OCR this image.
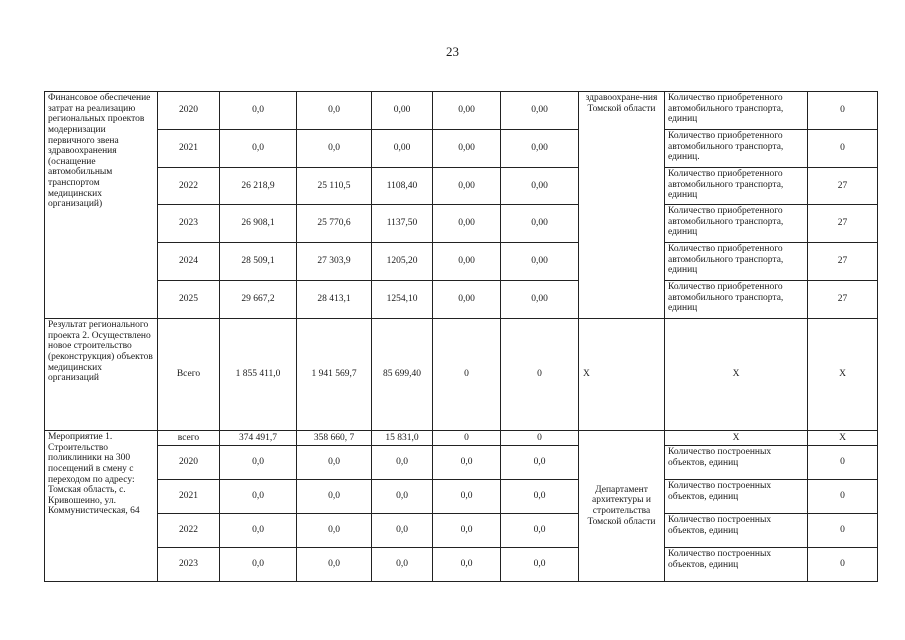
23
Финансовое обеспечение затрат на реализацию региональных проектов модернизации первичного звена здравоохранения (оснащение автомобильным транспортом медицинских организаций)	2020	0,0	0,0	0,00	0,00	0,00	здравоохране-ния Томской области	Количество приобретенного автомобильного транспорта, единиц	0
	2021	0,0	0,0	0,00	0,00	0,00		Количество приобретенного автомобильного транспорта, единиц.	0
	2022	26 218,9	25 110,5	1108,40	0,00	0,00		Количество приобретенного автомобильного транспорта, единиц	27
	2023	26 908,1	25 770,6	1137,50	0,00	0,00		Количество приобретенного автомобильного транспорта, единиц	27
	2024	28 509,1	27 303,9	1205,20	0,00	0,00		Количество приобретенного автомобильного транспорта, единиц	27
	2025	29 667,2	28 413,1	1254,10	0,00	0,00		Количество приобретенного автомобильного транспорта, единиц	27
Результат регионального проекта 2. Осуществлено новое строительство (реконструкция) объектов медицинских организаций	Всего	1 855 411,0	1 941 569,7	85 699,40	0	0	X	X	X
Мероприятие 1. Строительство поликлиники на 300 посещений в смену с переходом по адресу: Томская область, с. Кривошеино, ул. Коммунистическая, 64	всего	374 491,7	358 660, 7	15 831,0	0	0	Департамент архитектуры и строительства Томской области	X	X
	2020	0,0	0,0	0,0	0,0	0,0		Количество построенных объектов, единиц	0
	2021	0,0	0,0	0,0	0,0	0,0		Количество построенных объектов, единиц	0
	2022	0,0	0,0	0,0	0,0	0,0		Количество построенных объектов, единиц	0
	2023	0,0	0,0	0,0	0,0	0,0		Количество построенных объектов, единиц	0
